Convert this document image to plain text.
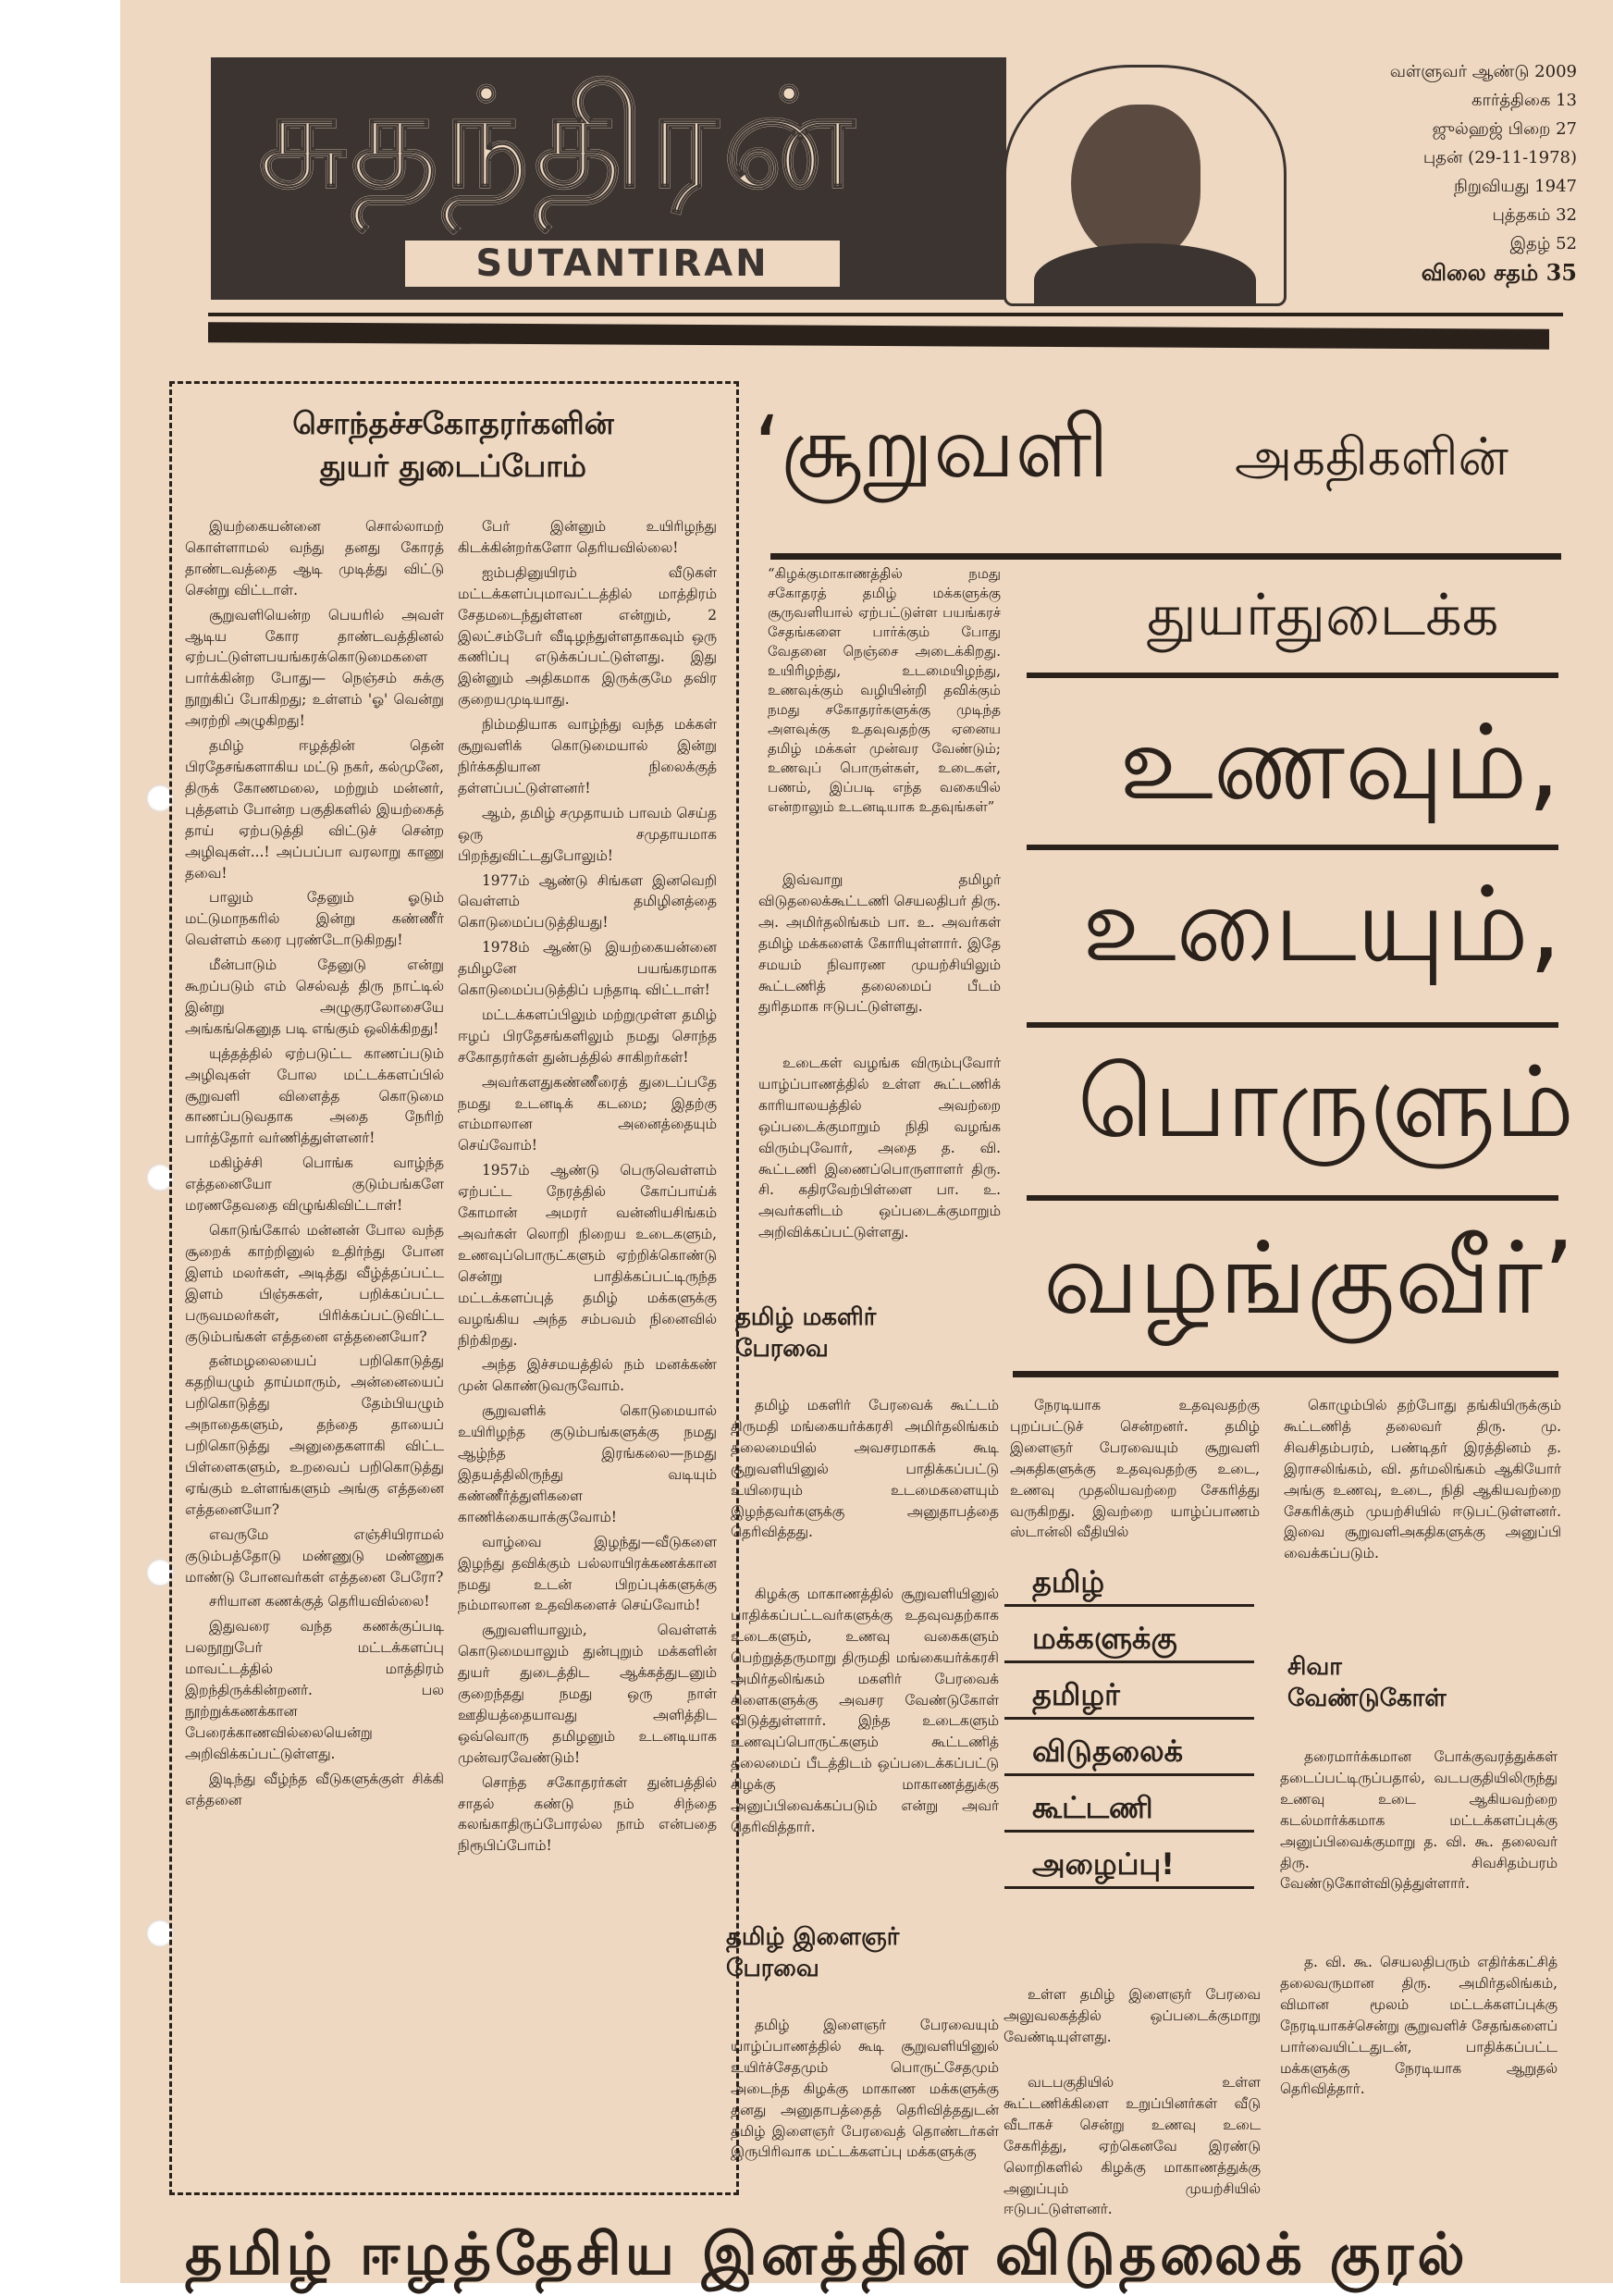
சுதந்திரன்
SUTANTIRAN
வள்ளுவர் ஆண்டு 2009
கார்த்திகை 13
ஜுல்ஹஜ் பிறை 27
புதன் (29-11-1978)
நிறுவியது 1947
புத்தகம் 32
இதழ் 52
விலை சதம் 35
சொந்தச்சகோதரர்களின்
துயர் துடைப்போம்

இயற்கையன்னை சொல்லாமற் கொள்ளாமல் வந்து தனது கோரத் தாண்டவத்தை ஆடி முடித்து விட்டு சென்று விட்டாள்.

சூறுவளியென்ற பெயரில் அவள் ஆடிய கோர தாண்டவத்தினல் ஏற்பட்டுள்ளபயங்கரக்கொடுமைகளை பார்க்கின்ற போது— நெஞ்சம் சுக்கு நூறுகிப் போகிறது; உள்ளம் 'ஓ' வென்று அரற்றி அழுகிறது!

தமிழ் ஈழத்தின் தென் பிரதேசங்களாகிய மட்டு நகர், கல்முனே, திருக் கோணமலை, மற்றும் மன்னர், புத்தளம் போன்ற பகுதிகளில் இயற்கைத் தாய் ஏற்படுத்தி விட்டுச் சென்ற அழிவுகள்...! அப்பப்பா வரலாறு காணு தவை!

பாலும் தேனும் ஓடும் மட்டுமாநகரில் இன்று கண்ணீர் வெள்ளம் கரை புரண்டோடுகிறது!

மீன்பாடும் தேனுடு என்று கூறப்படும் எம் செல்வத் திரு நாட்டில் இன்று அழுகுரலோசையே அங்கங்கெனுத படி எங்கும் ஒலிக்கிறது!

யுத்தத்தில் ஏற்படுட்ட காணப்படும் அழிவுகள் போல மட்டக்களப்பில் சூறுவளி விளைத்த கொடுமை காணப்படுவதாக அதை நேரிற் பார்த்தோர் வர்ணித்துள்ளனர்!

மகிழ்ச்சி பொங்க வாழ்ந்த எத்தனையோ குடும்பங்களே மரணதேவதை விழுங்கிவிட்டாள்!

கொடுங்கோல் மன்னன் போல வந்த சூறைக் காற்றினுல் உதிர்ந்து போன இளம் மலர்கள், அடித்து வீழ்த்தப்பட்ட இளம் பிஞ்சுகள், பறிக்கப்பட்ட பருவமலர்கள், பிரிக்கப்பட்டுவிட்ட குடும்பங்கள் எத்தனை எத்தனையோ?

தன்மழலையைப் பறிகொடுத்து கதறியழும் தாய்மாரும், அன்னையைப் பறிகொடுத்து தேம்பியழும் அநாதைகளும், தந்தை தாயைப் பறிகொடுத்து அனுதைகளாகி விட்ட பிள்ளைகளும், உறவைப் பறிகொடுத்து ஏங்கும் உள்ளங்களும் அங்கு எத்தனை எத்தனையோ?

எவருமே எஞ்சியிராமல் குடும்பத்தோடு மண்ணுடு மண்ணுக மாண்டு போனவர்கள் எத்தனை பேரோ?

சரியான கணக்குத் தெரியவில்லை!

இதுவரை வந்த கணக்குப்படி பலநூறுபேர் மட்டக்களப்பு மாவட்டத்தில் மாத்திரம் இறந்திருக்கின்றனர். பல நூற்றுக்கணக்கான பேரைக்காணவில்லையென்று அறிவிக்கப்பட்டுள்ளது.

இடிந்து வீழ்ந்த வீடுகளுக்குள் சிக்கி எத்தனை

பேர் இன்னும் உயிரிழந்து கிடக்கின்றர்களோ தெரியவில்லை!

ஐம்பதினுயிரம் வீடுகள் மட்டக்களப்புமாவட்டத்தில் மாத்திரம் சேதமடைந்துள்ளன என்றும், 2 இலட்சம்பேர் வீடிழந்துள்ளதாகவும் ஒரு கணிப்பு எடுக்கப்பட்டுள்ளது. இது இன்னும் அதிகமாக இருக்குமே தவிர குறையமுடியாது.

நிம்மதியாக வாழ்ந்து வந்த மக்கள் சூறுவளிக் கொடுமையால் இன்று நிர்க்கதியான நிலைக்குத் தள்ளப்பட்டுள்ளனர்!

ஆம், தமிழ் சமுதாயம் பாவம் செய்த ஒரு சமுதாயமாக பிறந்துவிட்டதுபோலும்!

1977ம் ஆண்டு சிங்கள இனவெறி வெள்ளம் தமிழினத்தை கொடுமைப்படுத்தியது!

1978ம் ஆண்டு இயற்கையன்னை தமிழனே பயங்கரமாக கொடுமைப்படுத்திப் பந்தாடி விட்டாள்!

மட்டக்களப்பிலும் மற்றுமுள்ள தமிழ் ஈழப் பிரதேசங்களிலும் நமது சொந்த சகோதரர்கள் துன்பத்தில் சாகிறர்கள்!

அவர்களதுகண்ணீரைத் துடைப்பதே நமது உடனடிக் கடமை; இதற்கு எம்மாலான அனைத்தையும் செய்வோம்!

1957ம் ஆண்டு பெருவெள்ளம் ஏற்பட்ட நேரத்தில் கோப்பாய்க் கோமான் அமரர் வன்னியசிங்கம் அவர்கள் லொறி நிறைய உடைகளும், உணவுப்பொருட்களும் ஏற்றிக்கொண்டு சென்று பாதிக்கப்பட்டிருந்த மட்டக்களப்புத் தமிழ் மக்களுக்கு வழங்கிய அந்த சம்பவம் நினைவில் நிற்கிறது.

அந்த இச்சமயத்தில் நம் மனக்கண் முன் கொண்டுவருவோம்.

சூறுவளிக் கொடுமையால் உயிரிழந்த குடும்பங்களுக்கு நமது ஆழ்ந்த இரங்கலை—நமது இதயத்திலிருந்து வடியும் கண்ணீர்த்துளிகளை காணிக்கையாக்குவோம்!

வாழ்வை இழந்து—வீடுகளை இழந்து தவிக்கும் பல்லாயிரக்கணக்கான நமது உடன் பிறப்புக்களுக்கு நம்மாலான உதவிகளைச் செய்வோம்!

சூறுவளியாலும், வெள்ளக் கொடுமையாலும் துன்புறும் மக்களின் துயர் துடைத்திட ஆக்கத்துடனும் குறைந்தது நமது ஒரு நாள் ஊதியத்தையாவது அளித்திட ஒவ்வொரு தமிழனும் உடனடியாக முன்வரவேண்டும்!

சொந்த சகோதரர்கள் துன்பத்தில் சாதல் கண்டு நம் சிந்தை கலங்காதிருப்போரல்ல நாம் என்பதை நிரூபிப்போம்!

‘சூறுவளி அகதிகளின்
துயர்துடைக்க
உணவும்,
உடையும்,
பொருளும்
வழங்குவீர்’
“கிழக்குமாகாணத்தில் நமது சகோதரத் தமிழ் மக்களுக்கு சூருவளியால் ஏற்பட்டுள்ள பயங்கரச் சேதங்களை பார்க்கும் போது வேதனை நெஞ்சை அடைக்கிறது. உயிரிழந்து, உடமையிழந்து, உணவுக்கும் வழியின்றி தவிக்கும் நமது சகோதரர்களுக்கு முடிந்த அளவுக்கு உதவுவதற்கு ஏனைய தமிழ் மக்கள் முன்வர வேண்டும்; உணவுப் பொருள்கள், உடைகள், பணம், இப்படி எந்த வகையில் என்றாலும் உடனடியாக உதவுங்கள்”

இவ்வாறு தமிழர் விடுதலைக்கூட்டணி செயலதிபர் திரு. அ. அமிர்தலிங்கம் பா. உ. அவர்கள் தமிழ் மக்களைக் கோரியுள்ளார். இதே சமயம் நிவாரண முயற்சியிலும் கூட்டணித் தலைமைப் பீடம் துரிதமாக ஈடுபட்டுள்ளது.

உடைகள் வழங்க விரும்புவோர் யாழ்ப்பாணத்தில் உள்ள கூட்டணிக் காரியாலயத்தில் அவற்றை ஒப்படைக்குமாறும் நிதி வழங்க விரும்புவோர், அதை த. வி. கூட்டணி இணைப்பொருளாளர் திரு. சி. கதிரவேற்பிள்ளை பா. உ. அவர்களிடம் ஒப்படைக்குமாறும் அறிவிக்கப்பட்டுள்ளது.

தமிழ் மகளிர் பேரவை

தமிழ் மகளிர் பேரவைக் கூட்டம் திருமதி மங்கையர்க்கரசி அமிர்தலிங்கம் தலைமையில் அவசரமாகக் கூடி சூறுவளியினுல் பாதிக்கப்பட்டு உயிரையும் உடமைகளையும் இழந்தவர்களுக்கு அனுதாபத்தை தெரிவித்தது.

கிழக்கு மாகாணத்தில் சூறுவளியினுல் பாதிக்கப்பட்டவர்களுக்கு உதவுவதற்காக உடைகளும், உணவு வகைகளும் பெற்றுத்தருமாறு திருமதி மங்கையர்க்கரசி அமிர்தலிங்கம் மகளிர் பேரவைக் கிளைகளுக்கு அவசர வேண்டுகோள் விடுத்துள்ளார். இந்த உடைகளும் உணவுப்பொருட்களும் கூட்டணித் தலைமைப் பீடத்திடம் ஒப்படைக்கப்பட்டு கிழக்கு மாகாணத்துக்கு அனுப்பிவைக்கப்படும் என்று அவர் தெரிவித்தார்.

தமிழ் இளைஞர் பேரவை

தமிழ் இளைஞர் பேரவையும் யாழ்ப்பாணத்தில் கூடி சூறுவளியினுல் உயிர்ச்சேதமும் பொருட்சேதமும் அடைந்த கிழக்கு மாகாண மக்களுக்கு தனது அனுதாபத்தைத் தெரிவித்ததுடன் தமிழ் இளைஞர் பேரவைத் தொண்டர்கள் இருபிரிவாக மட்டக்களப்பு மக்களுக்கு

நேரடியாக உதவுவதற்கு புறப்பட்டுச் சென்றனர். தமிழ் இளைஞர் பேரவையும் சூறுவளி அகதிகளுக்கு உதவுவதற்கு உடை, உணவு முதலியவற்றை சேகரித்து வருகிறது. இவற்றை யாழ்ப்பாணம் ஸ்டான்லி வீதியில்

கொழும்பில் தற்போது தங்கியிருக்கும் கூட்டணித் தலைவர் திரு. மு. சிவசிதம்பரம், பண்டிதர் இரத்தினம் த. இராசலிங்கம், வி. தர்மலிங்கம் ஆகியோர் அங்கு உணவு, உடை, நிதி ஆகியவற்றை சேகரிக்கும் முயற்சியில் ஈடுபட்டுள்ளனர். இவை சூறுவளிஅகதிகளுக்கு அனுப்பி வைக்கப்படும்.

தமிழ்
மக்களுக்கு
தமிழர்
விடுதலைக்
கூட்டணி
அழைப்பு!
சிவா வேண்டுகோள்

தரைமார்க்கமான போக்குவரத்துக்கள் தடைப்பட்டிருப்பதால், வடபகுதியிலிருந்து உணவு உடை ஆகியவற்றை கடல்மார்க்கமாக மட்டக்களப்புக்கு அனுப்பிவைக்குமாறு த. வி. கூ. தலைவர் திரு. சிவசிதம்பரம் வேண்டுகோள்விடுத்துள்ளார்.

த. வி. கூ. செயலதிபரும் எதிர்க்கட்சித் தலைவருமான திரு. அமிர்தலிங்கம், விமான மூலம் மட்டக்களப்புக்கு நேரடியாகச்சென்று சூறுவளிச் சேதங்களைப் பார்வையிட்டதுடன், பாதிக்கப்பட்ட மக்களுக்கு நேரடியாக ஆறுதல் தெரிவித்தார்.

உள்ள தமிழ் இளைஞர் பேரவை அலுவலகத்தில் ஒப்படைக்குமாறு வேண்டியுள்ளது.

வடபகுதியில் உள்ள கூட்டணிக்கிளை உறுப்பினர்கள் வீடு வீடாகச் சென்று உணவு உடை சேகரித்து, ஏற்கெனவே இரண்டு லொறிகளில் கிழக்கு மாகாணத்துக்கு அனுப்பும் முயற்சியில் ஈடுபட்டுள்ளனர்.

தமிழ் ஈழத்தேசிய இனத்தின் விடுதலைக் குரல்
